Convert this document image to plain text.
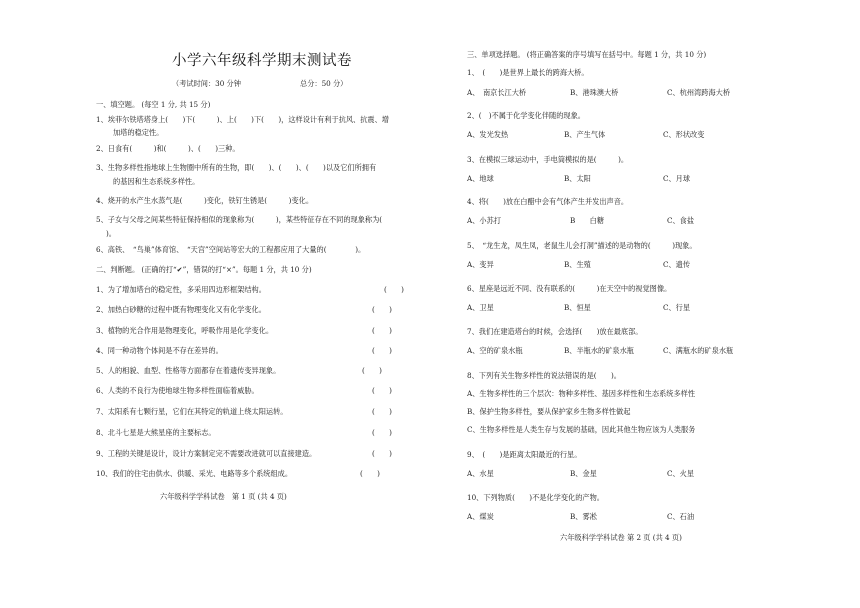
小学六年级科学期末测试卷
（考试时间：30 分钟	总分：50 分）
一、填空题。 (每空 1 分, 共 15 分)
1、埃菲尔铁塔塔身上(　　)下(　　　)、上(　　)下(　　)，这样设计有利于抗风、抗震、增
加塔的稳定性。
2、日食有(　　　)和(　　　)、(　　)三种。
3、生物多样性指地球上生物圈中所有的生物，即(　　)、(　　)、(　　)以及它们所拥有
的基因和生态系统多样性。
4、烧开的水产生水蒸气是(　　　)变化，铁钉生锈是(　　　)变化。
5、子女与父母之间某些特征保持相似的现象称为(　　　)，某些特征存在不同的现象称为(
)。
6、高铁、　“鸟巢”体育馆、　“天宫”空间站等宏大的工程都应用了大量的(　　　　)。
二、判断题。 (正确的打“✔”，错误的打“×”。每题 1 分，共 10 分)
1、为了增加塔台的稳定性，多采用四边形框架结构。	(　　)
2、加热白砂糖的过程中既有物理变化又有化学变化。	(　　)
3、植物的光合作用是物理变化，呼吸作用是化学变化。	(　　)
4、同一种动物个体间是不存在差异的。	(　　)
5、人的相貌、血型、性格等方面都存在着遗传变异现象。	(　　)
6、人类的不良行为使地球生物多样性面临着威胁。	(　　)
7、太阳系有七颗行星，它们在其特定的轨道上绕太阳运转。	(　　)
8、北斗七星是大熊星座的主要标志。	(　　)
9、工程的关键是设计，设计方案制定完不需要改进就可以直接建造。	(　　)
10、我们的住宅由供水、供暖、采光、电路等多个系统组成。	(　　)
六年级科学学科试卷　第 1 页 (共 4 页)
三、单项选择题。 (将正确答案的序号填写在括号中。每题 1 分，共 10 分)
1、　(　　)是世界上最长的跨海大桥。
A、　南京长江大桥	B、港珠澳大桥	C、杭州湾跨海大桥
2、(　)不属于化学变化伴随的现象。
A、发光发热	B、产生气体	C、形状改变
3、在模拟三球运动中，手电筒模拟的是(　　　)。
A、地球	B、太阳	C、月球
4、将(　　)放在白醋中会有气体产生并发出声音。
A、小苏打	B　　白糖	C、食盐
5、　“龙生龙，凤生凤，老鼠生儿会打洞”描述的是动物的(　　　)现象。
A、变异	B、生殖	C、遗传
6、星座是远近不同、没有联系的(　　　)在天空中的视觉图像。
A、卫星	B、恒星	C、行星
7、我们在建造塔台的时候，会选择(　　)放在最底部。
A、空的矿泉水瓶	B、半瓶水的矿泉水瓶	C、满瓶水的矿泉水瓶
8、下列有关生物多样性的说法错误的是(　　)。
A、生物多样性的三个层次：物种多样性、基因多样性和生态系统多样性
B、保护生物多样性，要从保护家乡生物多样性做起
C、生物多样性是人类生存与发展的基础，因此其他生物应该为人类服务
9、　(　　)是距离太阳最近的行星。
A、水星	B、金星	C、火星
10、下列物质(　　)不是化学变化的产物。
A、煤炭	B、雾凇	C、石油
六年级科学学科试卷 第 2 页 (共 4 页)
